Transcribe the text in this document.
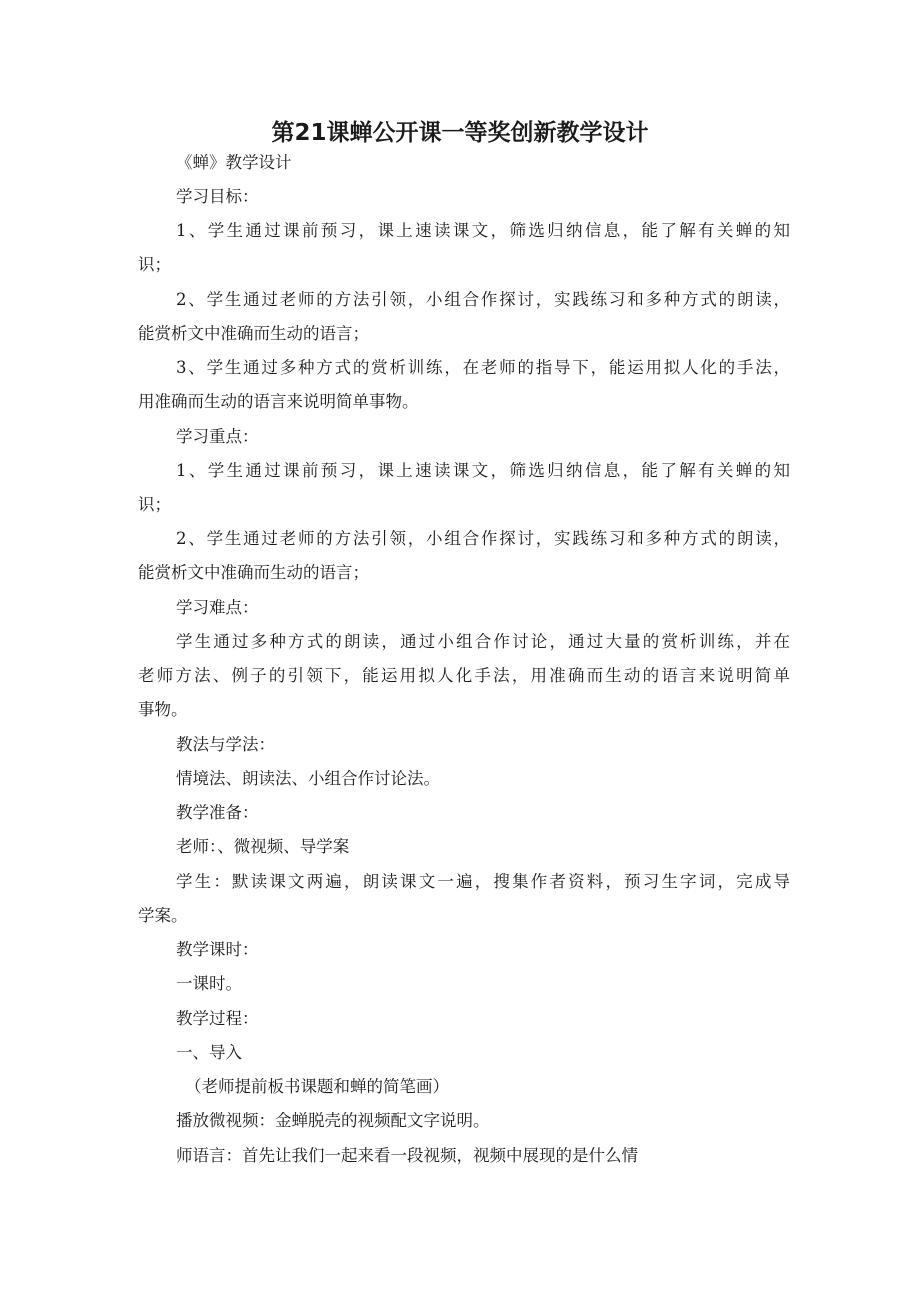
第21课蝉公开课一等奖创新教学设计

《蝉》教学设计

学习目标：

1、学生通过课前预习，课上速读课文，筛选归纳信息，能了解有关蝉的知

识；

2、学生通过老师的方法引领，小组合作探讨，实践练习和多种方式的朗读，

能赏析文中准确而生动的语言；

3、学生通过多种方式的赏析训练，在老师的指导下，能运用拟人化的手法，

用准确而生动的语言来说明简单事物。

学习重点：

1、学生通过课前预习，课上速读课文，筛选归纳信息，能了解有关蝉的知

识；

2、学生通过老师的方法引领，小组合作探讨，实践练习和多种方式的朗读，

能赏析文中准确而生动的语言；

学习难点：

学生通过多种方式的朗读，通过小组合作讨论，通过大量的赏析训练，并在

老师方法、例子的引领下，能运用拟人化手法，用准确而生动的语言来说明简单

事物。

教法与学法：

情境法、朗读法、小组合作讨论法。

教学准备：

老师：、微视频、导学案

学生：默读课文两遍，朗读课文一遍，搜集作者资料，预习生字词，完成导

学案。

教学课时：

一课时。

教学过程：

一、导入

（老师提前板书课题和蝉的简笔画）

播放微视频：金蝉脱壳的视频配文字说明。

师语言：首先让我们一起来看一段视频，视频中展现的是什么情
